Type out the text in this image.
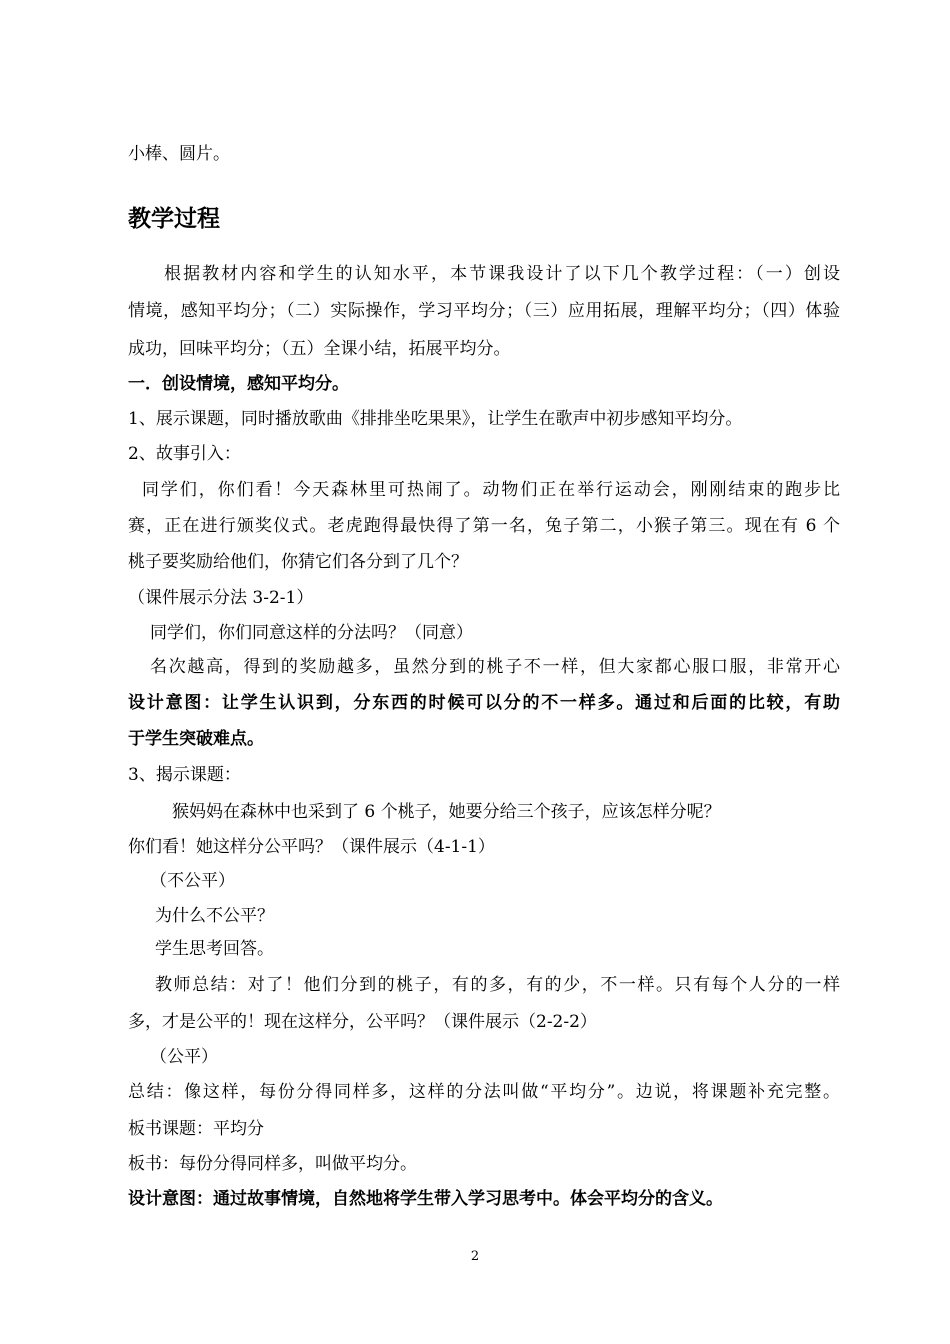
小棒、圆片。
教学过程
根据教材内容和学生的认知水平，本节课我设计了以下几个教学过程：（一）创设
情境，感知平均分；（二）实际操作，学习平均分；（三）应用拓展，理解平均分；（四）体验
成功，回味平均分；（五）全课小结，拓展平均分。
一．创设情境，感知平均分。
1、展示课题，同时播放歌曲《排排坐吃果果》，让学生在歌声中初步感知平均分。
2、故事引入：
同学们，你们看！今天森林里可热闹了。动物们正在举行运动会，刚刚结束的跑步比
赛，正在进行颁奖仪式。老虎跑得最快得了第一名，兔子第二，小猴子第三。现在有 6 个
桃子要奖励给他们，你猜它们各分到了几个？
（课件展示分法 3-2-1）
同学们，你们同意这样的分法吗？（同意）
名次越高，得到的奖励越多，虽然分到的桃子不一样，但大家都心服口服，非常开心
设计意图：让学生认识到，分东西的时候可以分的不一样多。通过和后面的比较，有助
于学生突破难点。
3、揭示课题：
猴妈妈在森林中也采到了 6 个桃子，她要分给三个孩子，应该怎样分呢？
你们看！她这样分公平吗？（课件展示（4-1-1）
（不公平）
为什么不公平？
学生思考回答。
教师总结：对了！他们分到的桃子，有的多，有的少，不一样。只有每个人分的一样
多，才是公平的！现在这样分，公平吗？（课件展示（2-2-2）
（公平）
总结：像这样，每份分得同样多，这样的分法叫做“平均分”。边说，将课题补充完整。
板书课题：平均分
板书：每份分得同样多，叫做平均分。
设计意图：通过故事情境，自然地将学生带入学习思考中。体会平均分的含义。
2
